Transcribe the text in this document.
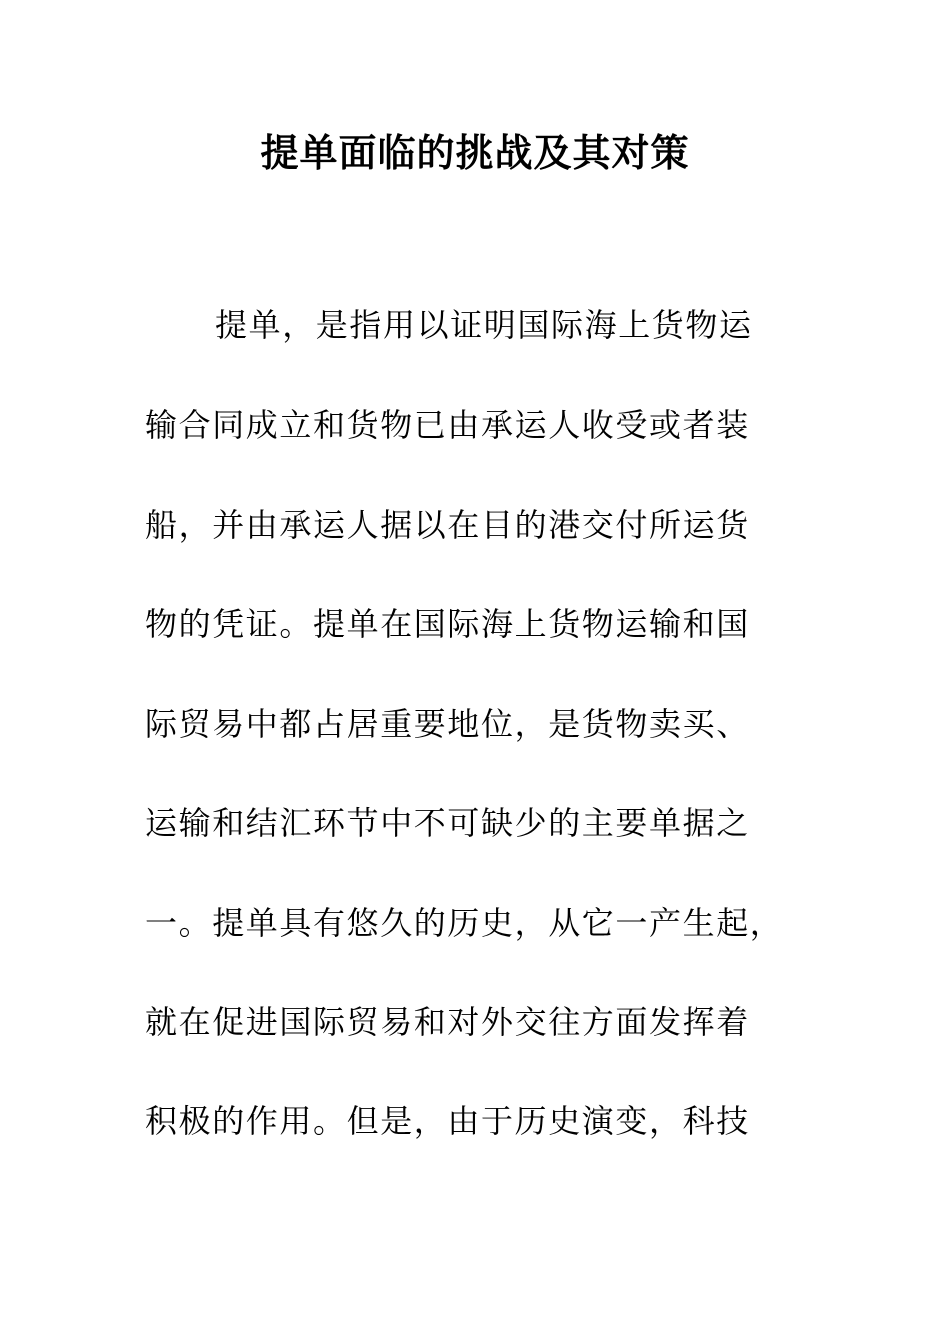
提单面临的挑战及其对策
提单，是指用以证明国际海上货物运
输合同成立和货物已由承运人收受或者装
船，并由承运人据以在目的港交付所运货
物的凭证。提单在国际海上货物运输和国
际贸易中都占居重要地位，是货物卖买、
运输和结汇环节中不可缺少的主要单据之
一。提单具有悠久的历史，从它一产生起，
就在促进国际贸易和对外交往方面发挥着
积极的作用。但是，由于历史演变，科技
